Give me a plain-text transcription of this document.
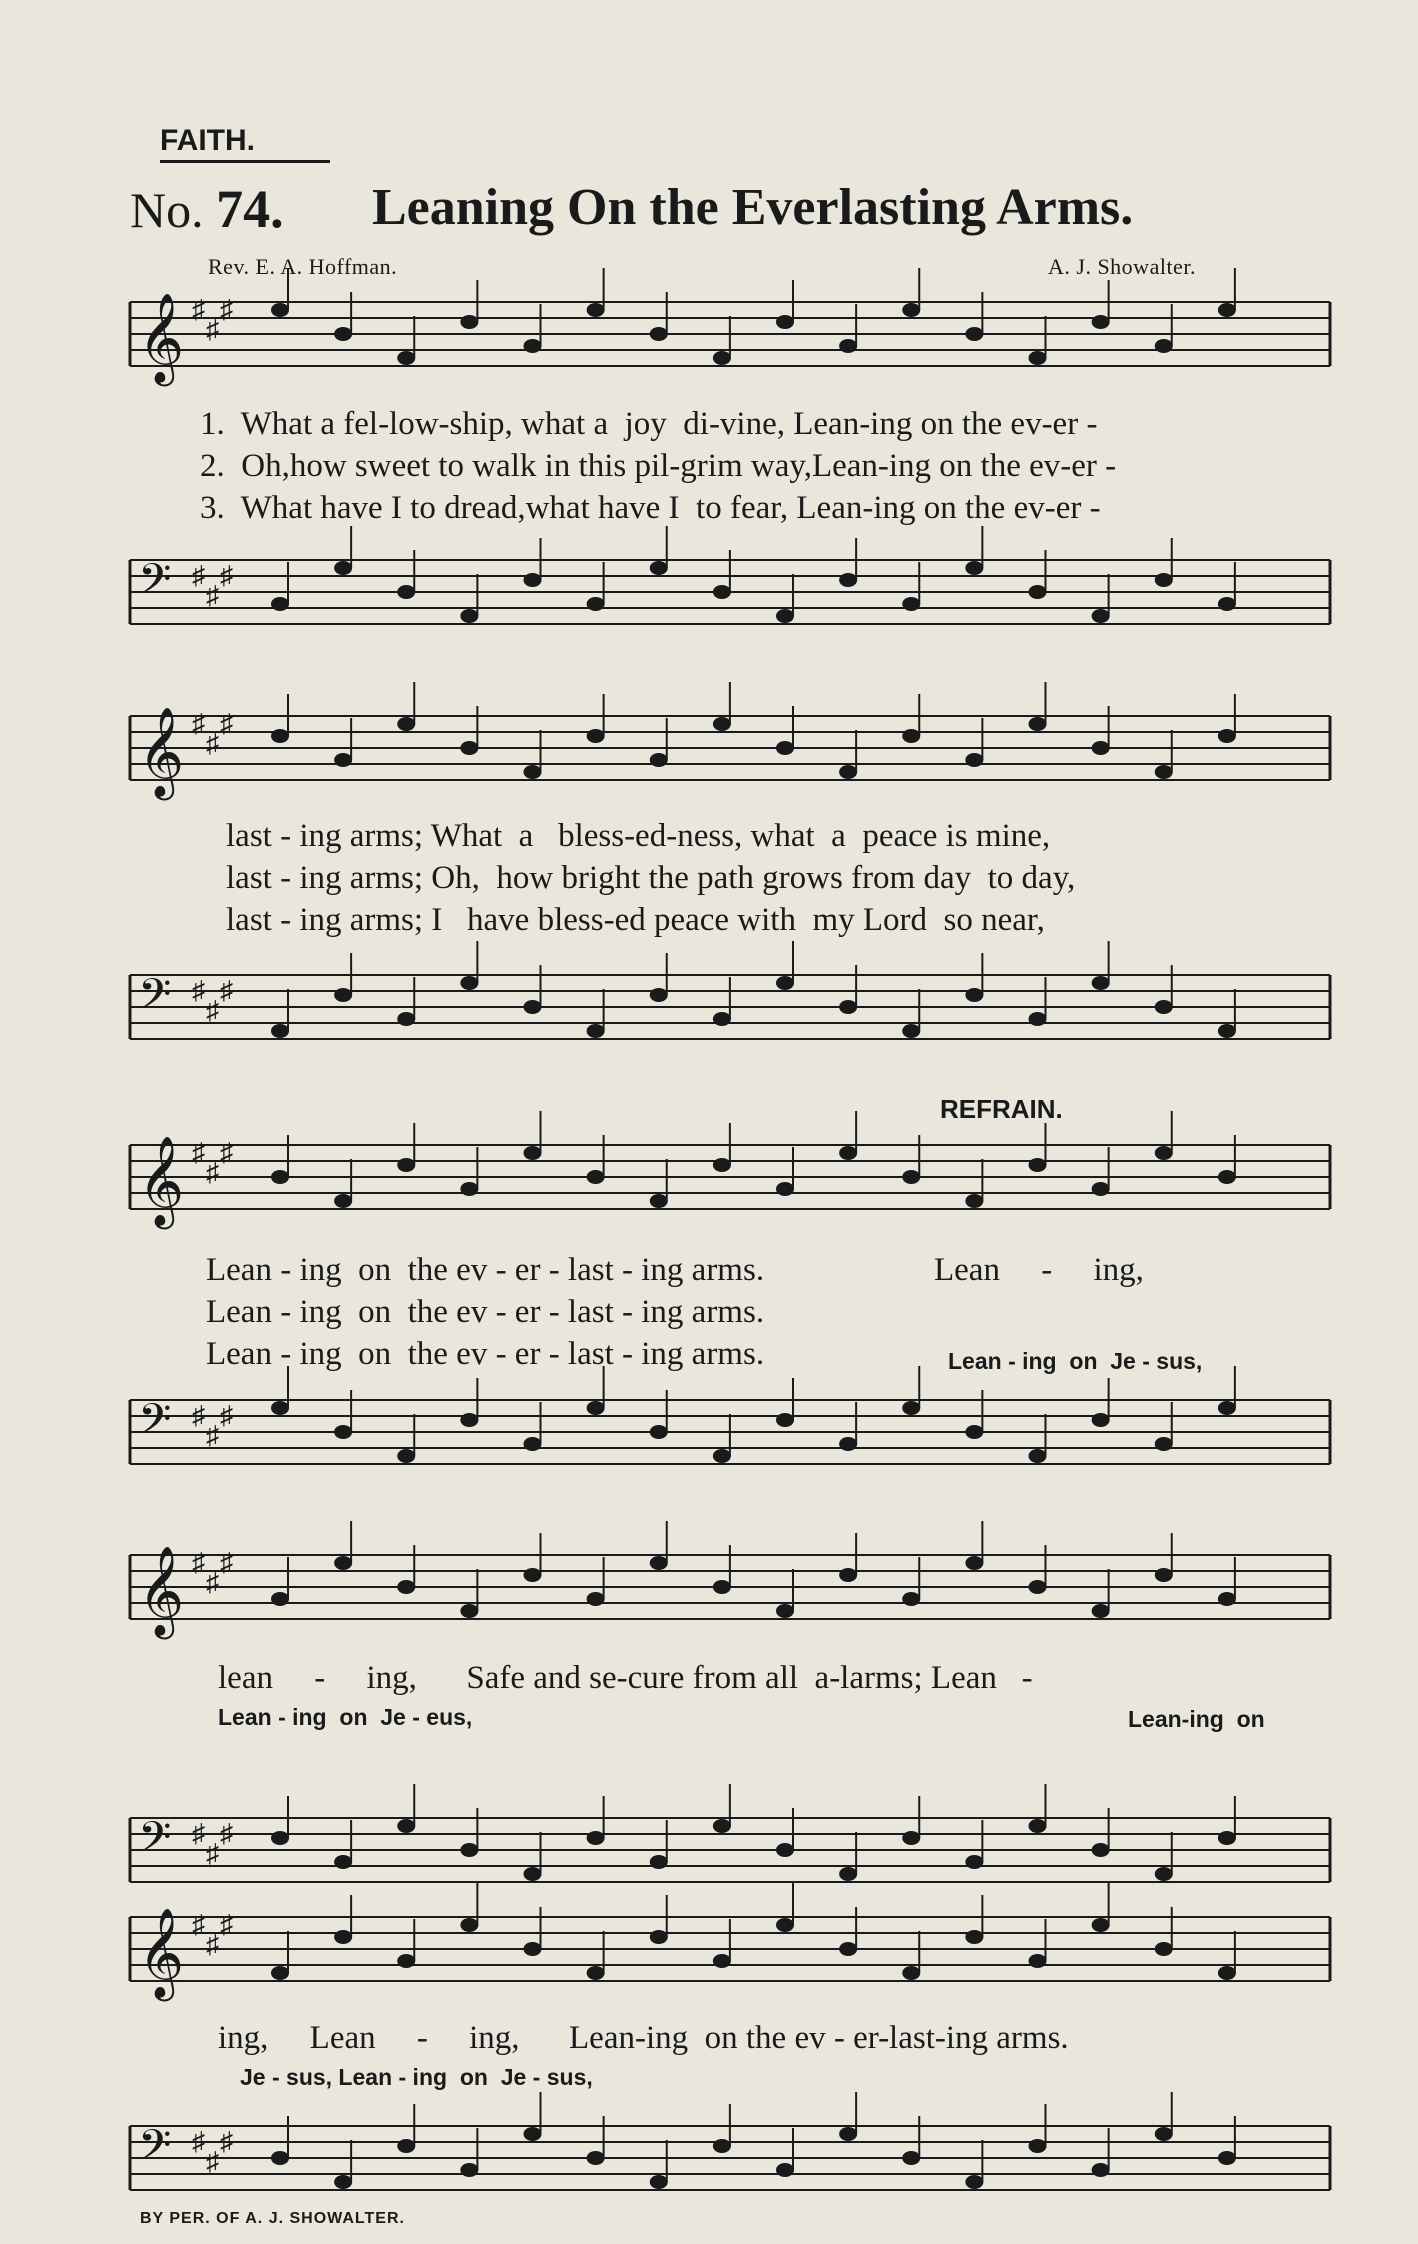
FAITH.
No. 74. Leaning On the Everlasting Arms.
Rev. E. A. Hoffman.	A. J. Showalter.
𝄞 ♯
♯
♯
𝄢 ♯
♯
♯
𝄞 ♯
♯
♯
𝄢 ♯
♯
♯
𝄞 ♯
♯
♯
𝄢 ♯
♯
♯
𝄞 ♯
♯
♯
𝄢 ♯
♯
♯
𝄞 ♯
♯
♯
𝄢 ♯
♯
♯
1.  What a fel-low-ship, what a  joy  di-vine, Lean-ing on the ev-er -
2.  Oh,how sweet to walk in this pil-grim way,Lean-ing on the ev-er -
3.  What have I to dread,what have I  to fear, Lean-ing on the ev-er -
last - ing arms; What  a   bless-ed-ness, what  a  peace is mine,
last - ing arms; Oh,  how bright the path grows from day  to day,
last - ing arms; I   have bless-ed peace with  my Lord  so near,
REFRAIN.
Lean - ing  on  the ev - er - last - ing arms.
Lean - ing  on  the ev - er - last - ing arms.
Lean - ing  on  the ev - er - last - ing arms.
Lean     -     ing,
Lean - ing  on  Je - sus,
lean     -     ing,      Safe and se-cure from all  a-larms; Lean   -
Lean - ing  on  Je - eus,	Lean-ing  on
ing,     Lean     -     ing,      Lean-ing  on the ev - er-last-ing arms.
Je - sus, Lean - ing  on  Je - sus,
BY PER. OF A. J. SHOWALTER.
